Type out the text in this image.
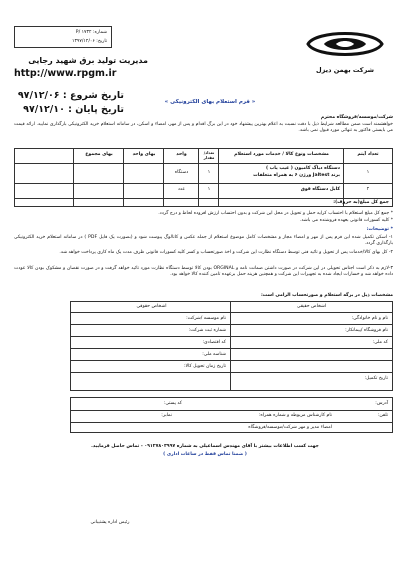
شماره: P/ ۱۷۳۲
تاریخ: ۱۳۹۷/۱۲/۰۶
مدیریت تولید برق شهید رجایی
http://www.rpgm.ir
تاریخ شروع : ۹۷/۱۲/۰۶
تاریخ پایان : ۹۷/۱۲/۱۰
شرکت بهمن دیزل
« فرم استعلام بهای الکترونیکی »
شرکت/موسسه/فروشگاه محترم
خواهشمند است ضمن مطالعه شرایط ذیل با دقت نسبت به اعلام بهترین پیشنهاد خود در این برگ اقدام و پس از مهر، امضاء و اسکن، در سامانه استعلام خرید الکترونیکی بارگذاری نمایید. ارائه قیمت می بایستی فاکتور به تنهائی مورد قبول نمی باشد.
تعداد آیتم
مشخصات ونوع کالا / خدمات مورد استعلام
تعداد/مقدار
واحد
بهای واحد
بهای مجموع
۱
دستگاه دیاگ کامیون ( عیب یاب )
برند Jaltest ورژن ۶ به همراه متعلقات
۱
دستگاه
۲
کابل دستگاه فوق
۱
عدد
جمع کل مبلغ(به حروف):
* جمع کل مبلغ استعلام با احتساب کرایه حمل و تحویل در محل این شرکت و بدون احتساب ارزش افزوده لحاظ و درج گردد.
* کلیه کسورات قانونی بعهده فروشنده می باشد.
* توضیحات:
۱- اسکن تکمیل شده این فرم پس از مهر و امضاء مجاز و مشخصات کامل موضوع استعلام از جمله عکس و کاتالوگ پیوست شود و (بصورت یک فایل PDF ) در سامانه استعلام خرید الکترونیکی بارگذاری گردد.
۲- کل بهای کالا/خدمات پس از تحویل و تائید فنی توسط دستگاه نظارت این شرکت و اخذ صورتحساب و کسر کلیه کسورات قانونی ظرف مدت یک ماه کاری پرداخت خواهد شد.
۳-لازم به ذکر است اجناس تحویلی در این شرکت در صورت داشتن ضمانت نامه و ORGINAL بودن کالا توسط دستگاه نظارت مورد تائید خواهد گرفت و در صورت نقصان و مشکوک بودن کالا عودت داده خواهد شد و خسارات ایجاد شده به تجهیزات این شرکت و همچنین هزینه حمل برعهده تامین کننده کالا خواهد بود.
مشخصات ذیل در برگه استعلام و صورتحساب الزامی است:
اشخاص حقیقی
اشخاص حقوقی
نام و نام خانوادگی:
نام فروشگاه /پیمانکار:
کد ملی:
تاریخ تکمیل:
نام موسسه /شرکت:
شماره ثبت شرکت:
کد اقتصادی:
شناسه ملی:
تاریخ زمان تحویل کالا:
آدرس:
کد پستی:
تلفن:
نام کارشناس مربوطه و شماره همراه:
نمابر:
امضاء مدیر و مهر شرکت/موسسه/فروشگاه
جهت کسب اطلاعات بیشتر با آقای مهندس اسماعیلی به شماره ۰۹۱۲۷۸۰۳۹۹۷ - تماس حاصل فرمایید.
( ضمنا تماس فقط در ساعات اداری )
رئیس اداره پشتیبانی
